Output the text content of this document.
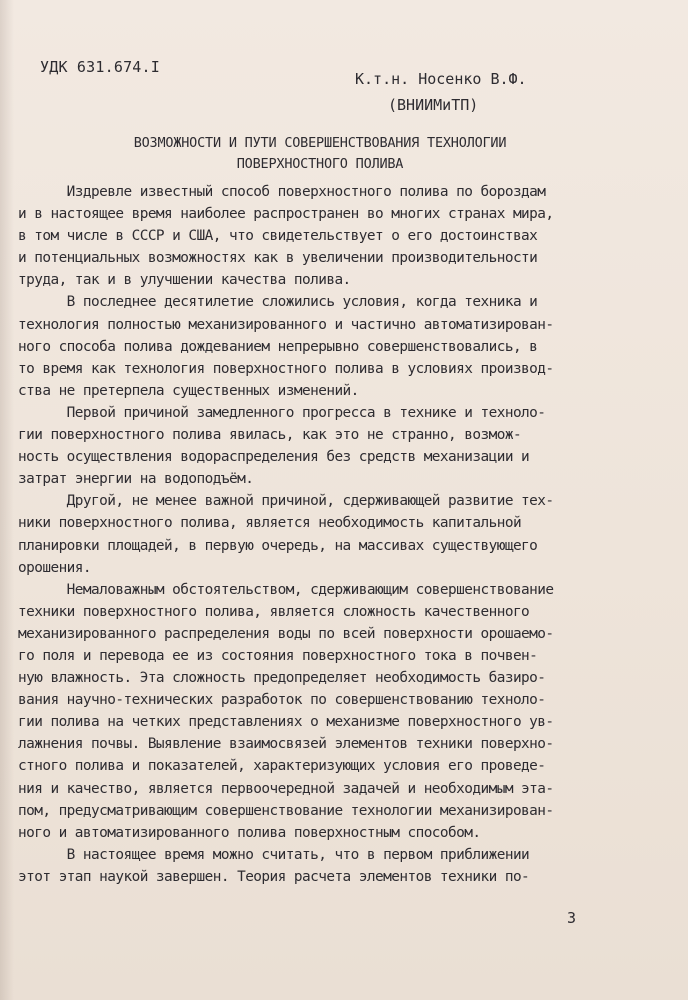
УДК 631.674.I
К.т.н. Носенко В.Ф.
(ВНИИМиТП)
ВОЗМОЖНОСТИ И ПУТИ СОВЕРШЕНСТВОВАНИЯ ТЕХНОЛОГИИ
ПОВЕРХНОСТНОГО ПОЛИВА
Издревле известный способ поверхностного полива по бороздам
и в настоящее время наиболее распространен во многих странах мира,
в том числе в СССР и США, что свидетельствует о его достоинствах
и потенциальных возможностях как в увеличении производительности
труда, так и в улучшении качества полива.
В последнее десятилетие сложились условия, когда техника и
технология полностью механизированного и частично автоматизирован-
ного способа полива дождеванием непрерывно совершенствовались, в
то время как технология поверхностного полива в условиях производ-
ства не претерпела существенных изменений.
Первой причиной замедленного прогресса в технике и техноло-
гии поверхностного полива явилась, как это не странно, возмож-
ность осуществления водораспределения без средств механизации и
затрат энергии на водоподъём.
Другой, не менее важной причиной, сдерживающей развитие тех-
ники поверхностного полива, является необходимость капитальной
планировки площадей, в первую очередь, на массивах существующего
орошения.
Немаловажным обстоятельством, сдерживающим совершенствование
техники поверхностного полива, является сложность качественного
механизированного распределения воды по всей поверхности орошаемо-
го поля и перевода ее из состояния поверхностного тока в почвен-
ную влажность. Эта сложность предопределяет необходимость базиро-
вания научно-технических разработок по совершенствованию техноло-
гии полива на четких представлениях о механизме поверхностного ув-
лажнения почвы. Выявление взаимосвязей элементов техники поверхно-
стного полива и показателей, характеризующих условия его проведе-
ния и качество, является первоочередной задачей и необходимым эта-
пом, предусматривающим совершенствование технологии механизирован-
ного и автоматизированного полива поверхностным способом.
В настоящее время можно считать, что в первом приближении
этот этап наукой завершен. Теория расчета элементов техники по-
3
